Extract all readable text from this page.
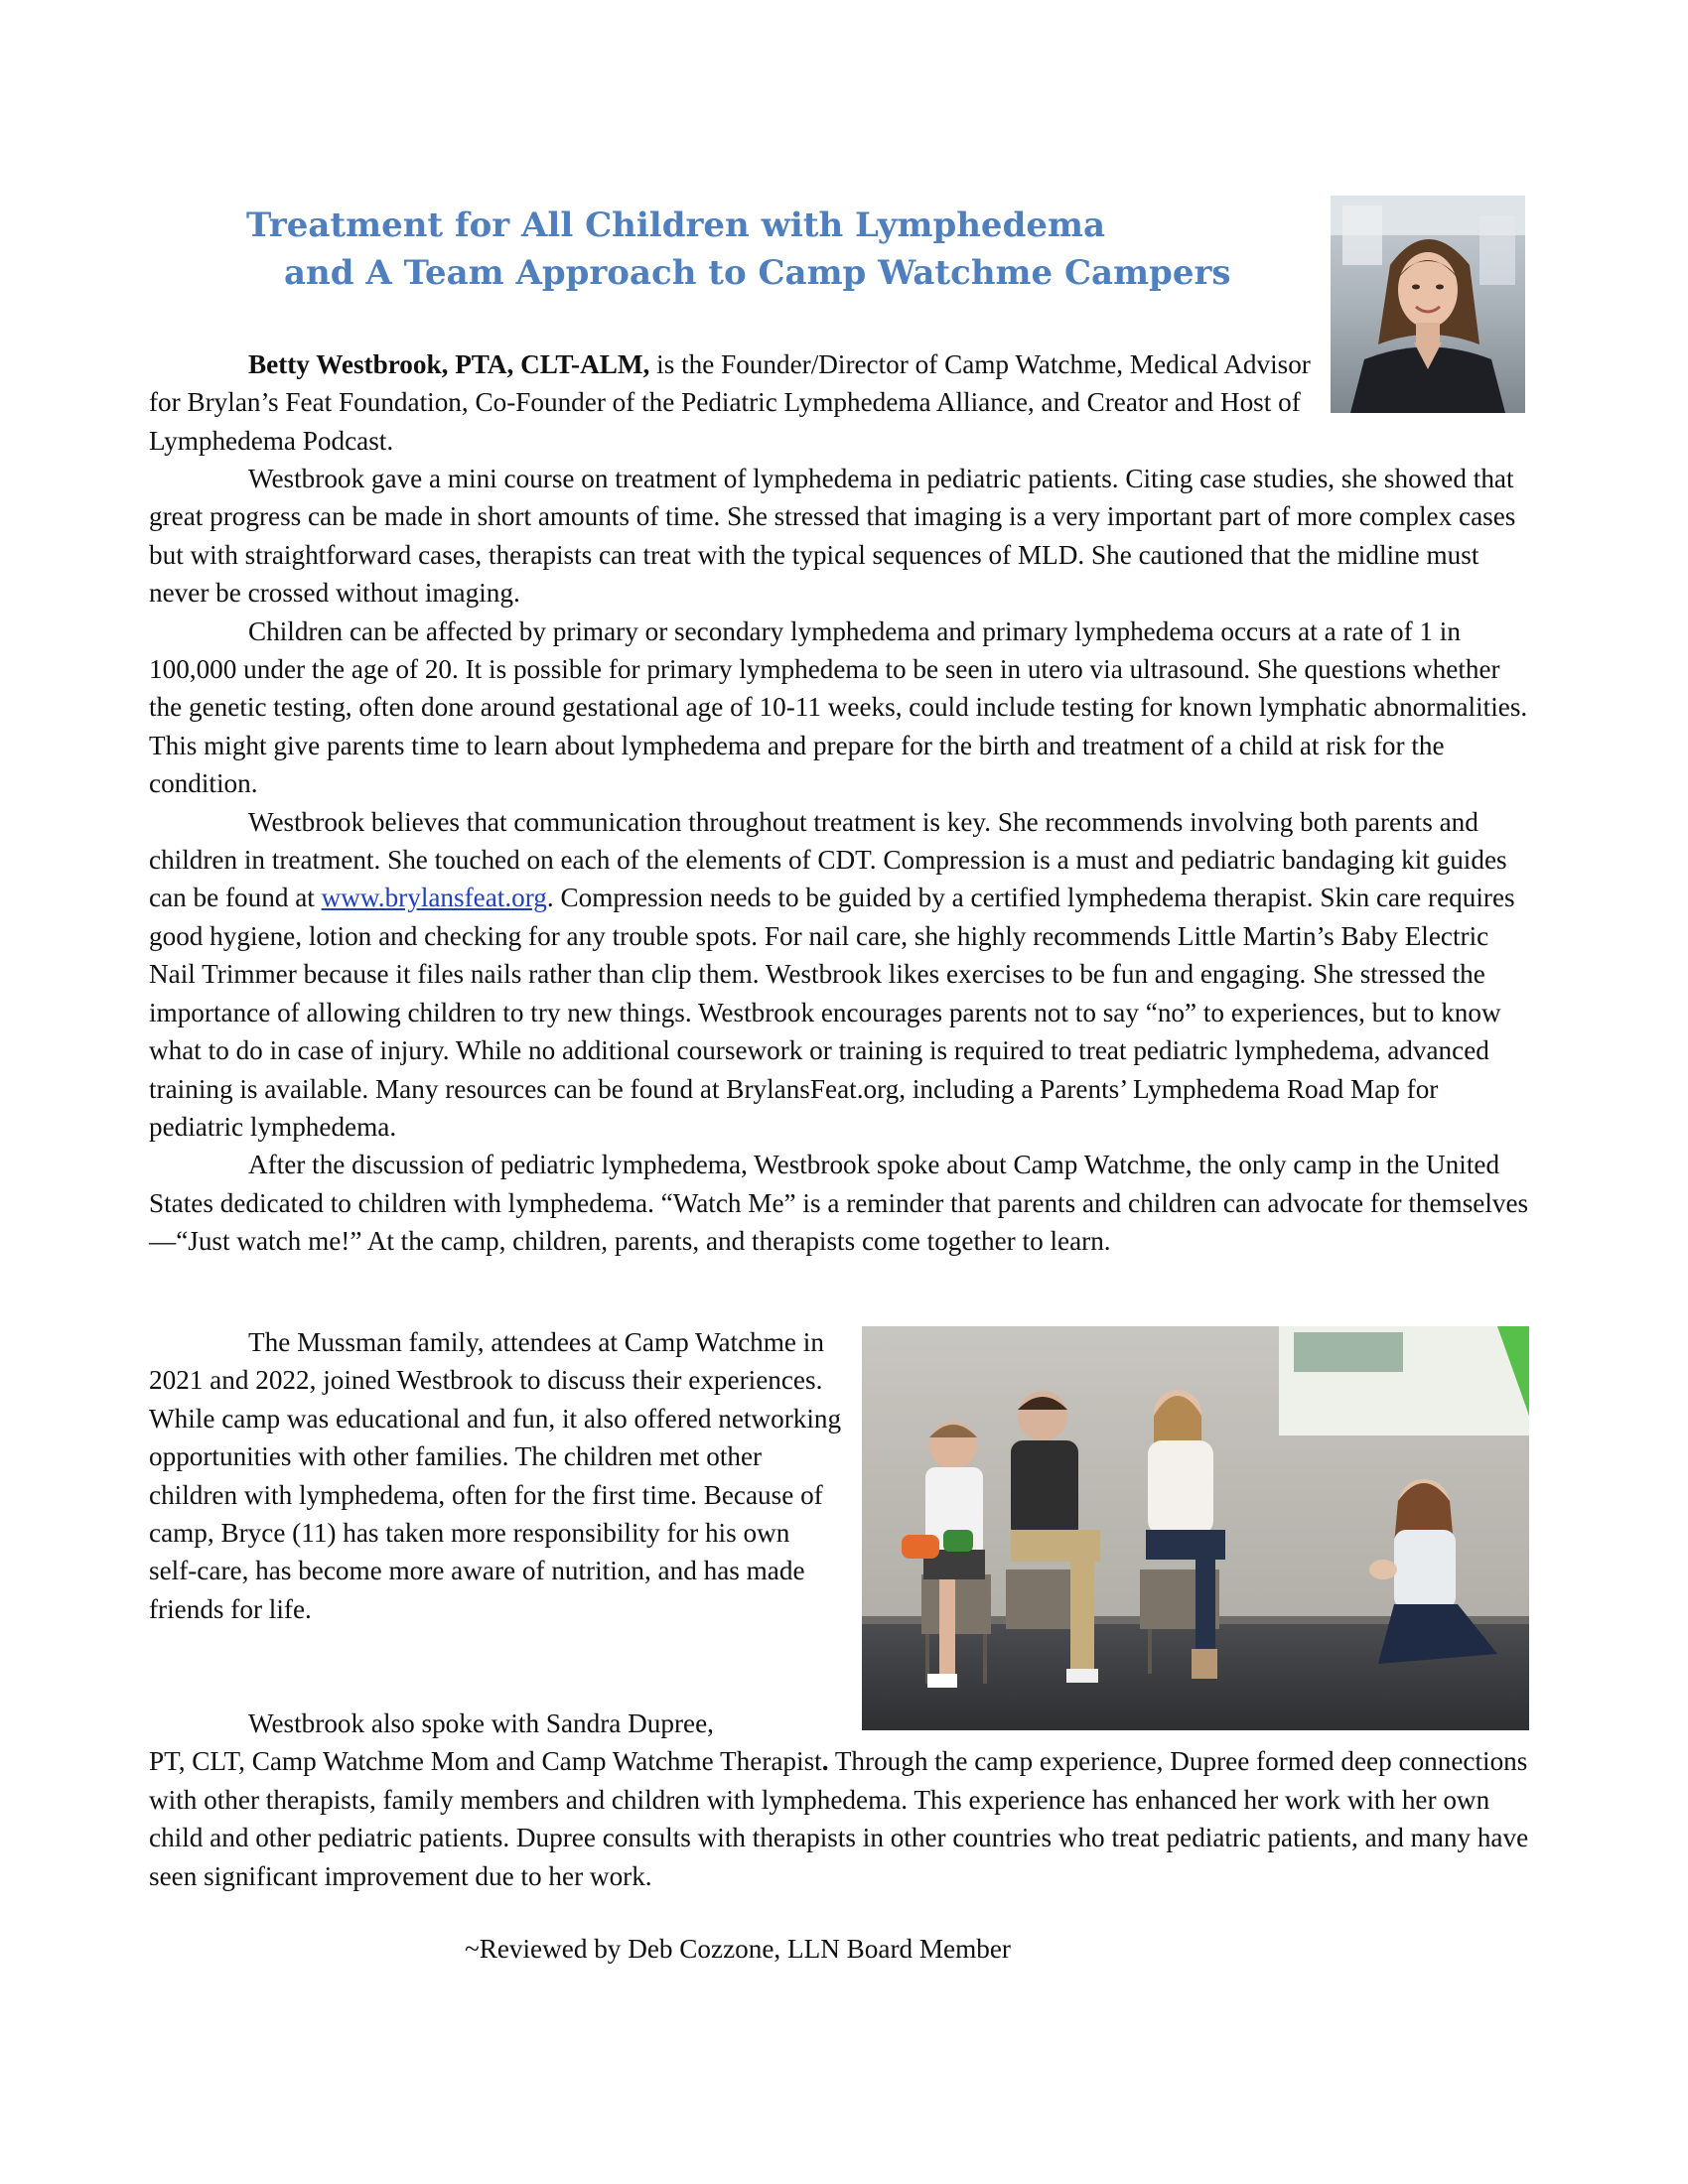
Treatment for All Children with Lymphedema
and A Team Approach to Camp Watchme Campers

Betty Westbrook, PTA, CLT-ALM, is the Founder/Director of Camp Watchme, Medical Advisor for Brylan’s Feat Foundation, Co-Founder of the Pediatric Lymphedema Alliance, and Creator and Host of Lymphedema Podcast.

Westbrook gave a mini course on treatment of lymphedema in pediatric patients. Citing case studies, she showed that great progress can be made in short amounts of time. She stressed that imaging is a very important part of more complex cases but with straightforward cases, therapists can treat with the typical sequences of MLD. She cautioned that the midline must never be crossed without imaging.

Children can be affected by primary or secondary lymphedema and primary lymphedema occurs at a rate of 1 in 100,000 under the age of 20. It is possible for primary lymphedema to be seen in utero via ultrasound. She questions whether the genetic testing, often done around gestational age of 10-11 weeks, could include testing for known lymphatic abnormalities. This might give parents time to learn about lymphedema and prepare for the birth and treatment of a child at risk for the condition.

Westbrook believes that communication throughout treatment is key. She recommends involving both parents and children in treatment. She touched on each of the elements of CDT. Compression is a must and pediatric bandaging kit guides can be found at www.brylansfeat.org. Compression needs to be guided by a certified lymphedema therapist. Skin care requires good hygiene, lotion and checking for any trouble spots. For nail care, she highly recommends Little Martin’s Baby Electric Nail Trimmer because it files nails rather than clip them. Westbrook likes exercises to be fun and engaging. She stressed the importance of allowing children to try new things. Westbrook encourages parents not to say “no” to experiences, but to know what to do in case of injury. While no additional coursework or training is required to treat pediatric lymphedema, advanced training is available. Many resources can be found at BrylansFeat.org, including a Parents’ Lymphedema Road Map for pediatric lymphedema.

After the discussion of pediatric lymphedema, Westbrook spoke about Camp Watchme, the only camp in the United States dedicated to children with lymphedema. “Watch Me” is a reminder that parents and children can advocate for themselves—“Just watch me!” At the camp, children, parents, and therapists come together to learn.

The Mussman family, attendees at Camp Watchme in 2021 and 2022, joined Westbrook to discuss their experiences. While camp was educational and fun, it also offered networking opportunities with other families. The children met other children with lymphedema, often for the first time. Because of camp, Bryce (11) has taken more responsibility for his own self-care, has become more aware of nutrition, and has made friends for life.

Westbrook also spoke with Sandra Dupree,

PT, CLT, Camp Watchme Mom and Camp Watchme Therapist. Through the camp experience, Dupree formed deep connections with other therapists, family members and children with lymphedema. This experience has enhanced her work with her own child and other pediatric patients. Dupree consults with therapists in other countries who treat pediatric patients, and many have seen significant improvement due to her work.

~Reviewed by Deb Cozzone, LLN Board Member
